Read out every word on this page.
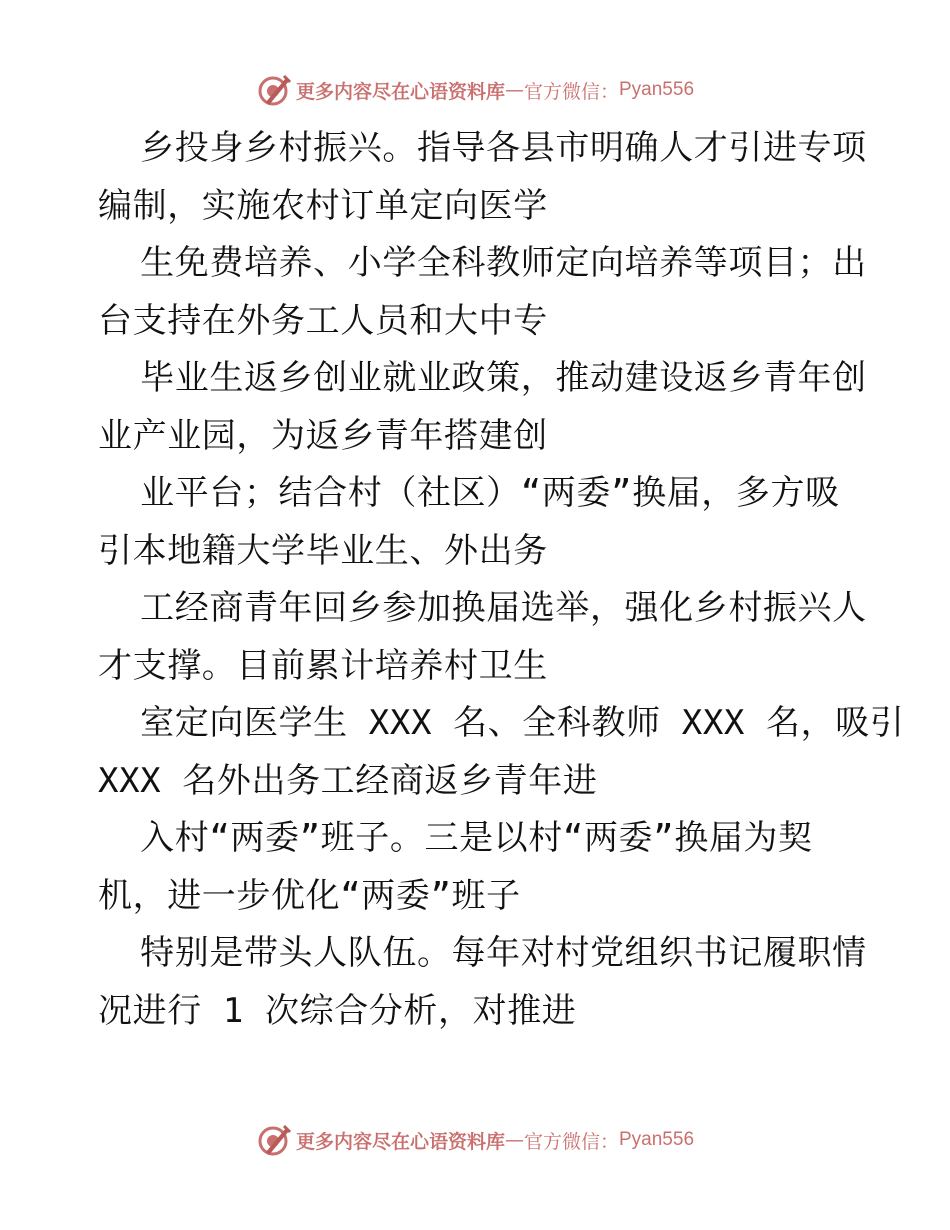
更多内容尽在心语资料库 — 官方微信： Pyan556
乡投身乡村振兴。指导各县市明确人才引进专项
编制，实施农村订单定向医学
生免费培养、小学全科教师定向培养等项目；出
台支持在外务工人员和大中专
毕业生返乡创业就业政策，推动建设返乡青年创
业产业园，为返乡青年搭建创
业平台；结合村（社区）“两委”换届，多方吸
引本地籍大学毕业生、外出务
工经商青年回乡参加换届选举，强化乡村振兴人
才支撑。目前累计培养村卫生
室定向医学生 XXX 名、全科教师 XXX 名，吸引
XXX 名外出务工经商返乡青年进
入村“两委”班子。三是以村“两委”换届为契
机，进一步优化“两委”班子
特别是带头人队伍。每年对村党组织书记履职情
况进行 1 次综合分析，对推进
更多内容尽在心语资料库 — 官方微信： Pyan556
